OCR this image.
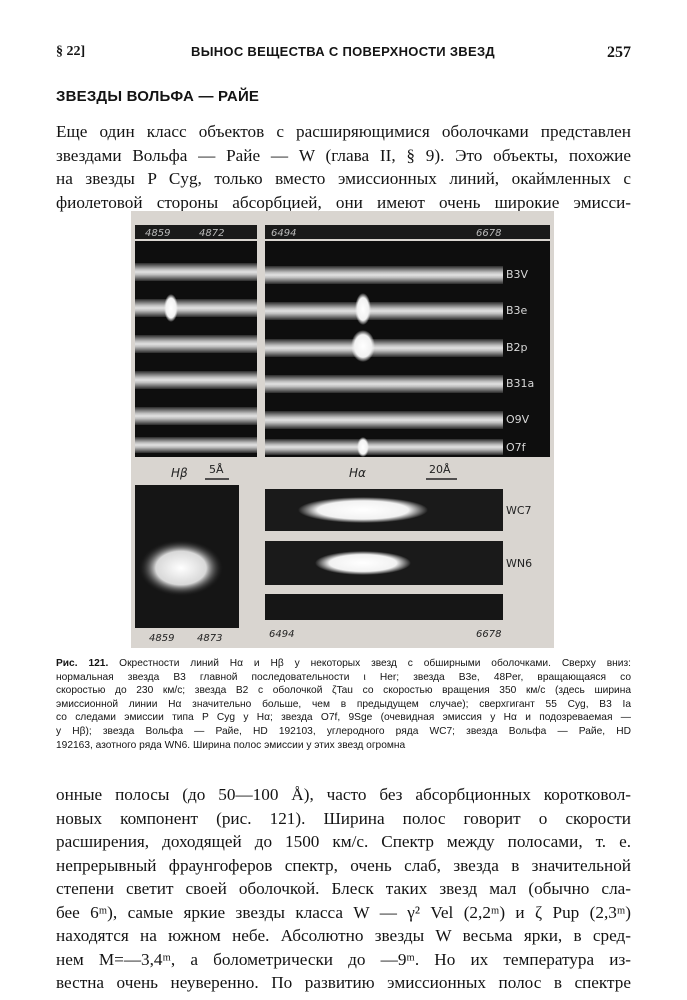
§ 22]	ВЫНОС ВЕЩЕСТВА С ПОВЕРХНОСТИ ЗВЕЗД	257
ЗВЕЗДЫ ВОЛЬФА — РАЙЕ
Еще один класс объектов с расширяющимися оболочками представлен
звездами Вольфа — Райе — W (глава II, § 9). Это объекты, похожие
на звезды P Cyg, только вместо эмиссионных линий, окаймленных с
фиолетовой стороны абсорбцией, они имеют очень широкие эмисси-
4859	4872	6494	6678
B3V
B3e
B2p
B31a
O9V
O7f
Hβ 5Å	Hα	20Å
WC7
WN6
4859 4873	6494	6678
Рис. 121. Окрестности линий Hα и Hβ у некоторых звезд с обширными оболочками. Сверху вниз:
нормальная звезда B3 главной последовательности ι Her; звезда B3e, 48Per, вращающаяся со
скоростью до 230 км/с; звезда B2 с оболочкой ζTau со скоростью вращения 350 км/с (здесь ширина
эмиссионной линии Hα значительно больше, чем в предыдущем случае); сверхгигант 55 Cyg, B3 Ia
со следами эмиссии типа P Cyg у Hα; звезда O7f, 9Sge (очевидная эмиссия у Hα и подозреваемая —
у Hβ); звезда Вольфа — Райе, HD 192103, углеродного ряда WC7; звезда Вольфа — Райе, HD
192163, азотного ряда WN6. Ширина полос эмиссии у этих звезд огромна
онные полосы (до 50—100 Å), часто без абсорбционных коротковол-
новых компонент (рис. 121). Ширина полос говорит о скорости
расширения, доходящей до 1500 км/с. Спектр между полосами, т. е.
непрерывный фраунгоферов спектр, очень слаб, звезда в значительной
степени светит своей оболочкой. Блеск таких звезд мал (обычно сла-
бее 6ᵐ), самые яркие звезды класса W — γ² Vel (2,2ᵐ) и ζ Pup (2,3ᵐ)
находятся на южном небе. Абсолютно звезды W весьма ярки, в сред-
нем M=—3,4ᵐ, а болометрически до —9ᵐ. Но их температура из-
вестна очень неуверенно. По развитию эмиссионных полос в спектре
